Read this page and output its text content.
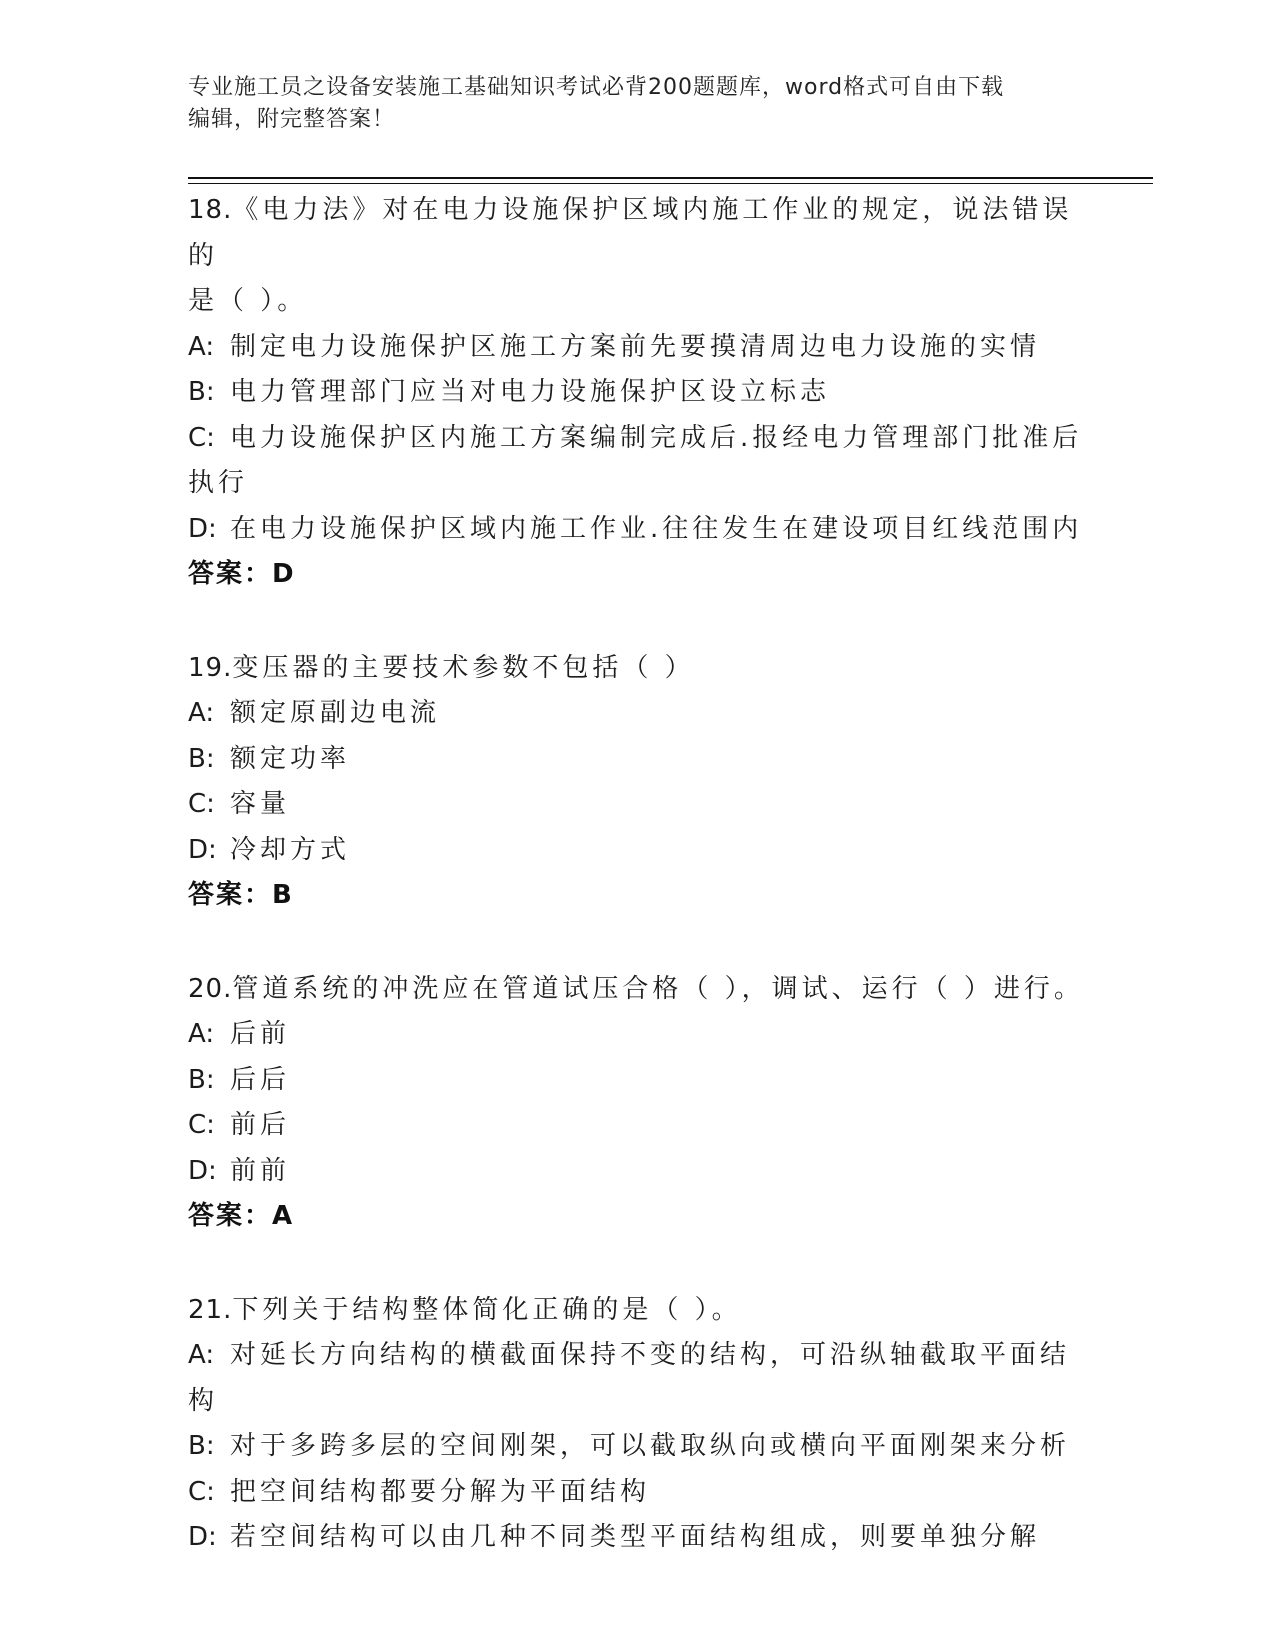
专业施工员之设备安装施工基础知识考试必背200题题库，word格式可自由下载
编辑，附完整答案！

18.《电力法》对在电力设施保护区域内施工作业的规定，说法错误的

是（ ）。

A: 制定电力设施保护区施工方案前先要摸清周边电力设施的实情

B: 电力管理部门应当对电力设施保护区设立标志

C: 电力设施保护区内施工方案编制完成后.报经电力管理部门批准后

执行

D: 在电力设施保护区域内施工作业.往往发生在建设项目红线范围内

答案：D

19.变压器的主要技术参数不包括（ ）

A: 额定原副边电流

B: 额定功率

C: 容量

D: 冷却方式

答案：B

20.管道系统的冲洗应在管道试压合格（ ），调试、运行（ ）进行。

A: 后前

B: 后后

C: 前后

D: 前前

答案：A

21.下列关于结构整体简化正确的是（ ）。

A: 对延长方向结构的横截面保持不变的结构，可沿纵轴截取平面结构

B: 对于多跨多层的空间刚架，可以截取纵向或横向平面刚架来分析

C: 把空间结构都要分解为平面结构

D: 若空间结构可以由几种不同类型平面结构组成，则要单独分解
